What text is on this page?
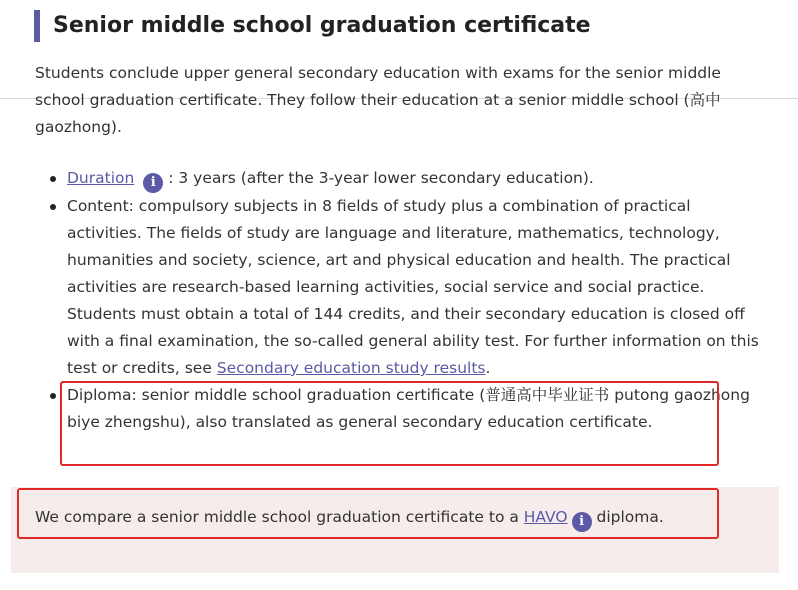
Senior middle school graduation certificate

Students conclude upper general secondary education with exams for the senior middle school graduation certificate. They follow their education at a senior middle school (高中 gaozhong).

Duration i : 3 years (after the 3-year lower secondary education).
Content: compulsory subjects in 8 fields of study plus a combination of practical activities. The fields of study are language and literature, mathematics, technology, humanities and society, science, art and physical education and health. The practical activities are research-based learning activities, social service and social practice. Students must obtain a total of 144 credits, and their secondary education is closed off with a final examination, the so-called general ability test. For further information on this test or credits, see Secondary education study results.
Diploma: senior middle school graduation certificate (普通高中毕业证书 putong gaozhong biye zhengshu), also translated as general secondary education certificate.

We compare a senior middle school graduation certificate to a HAVO i diploma.
